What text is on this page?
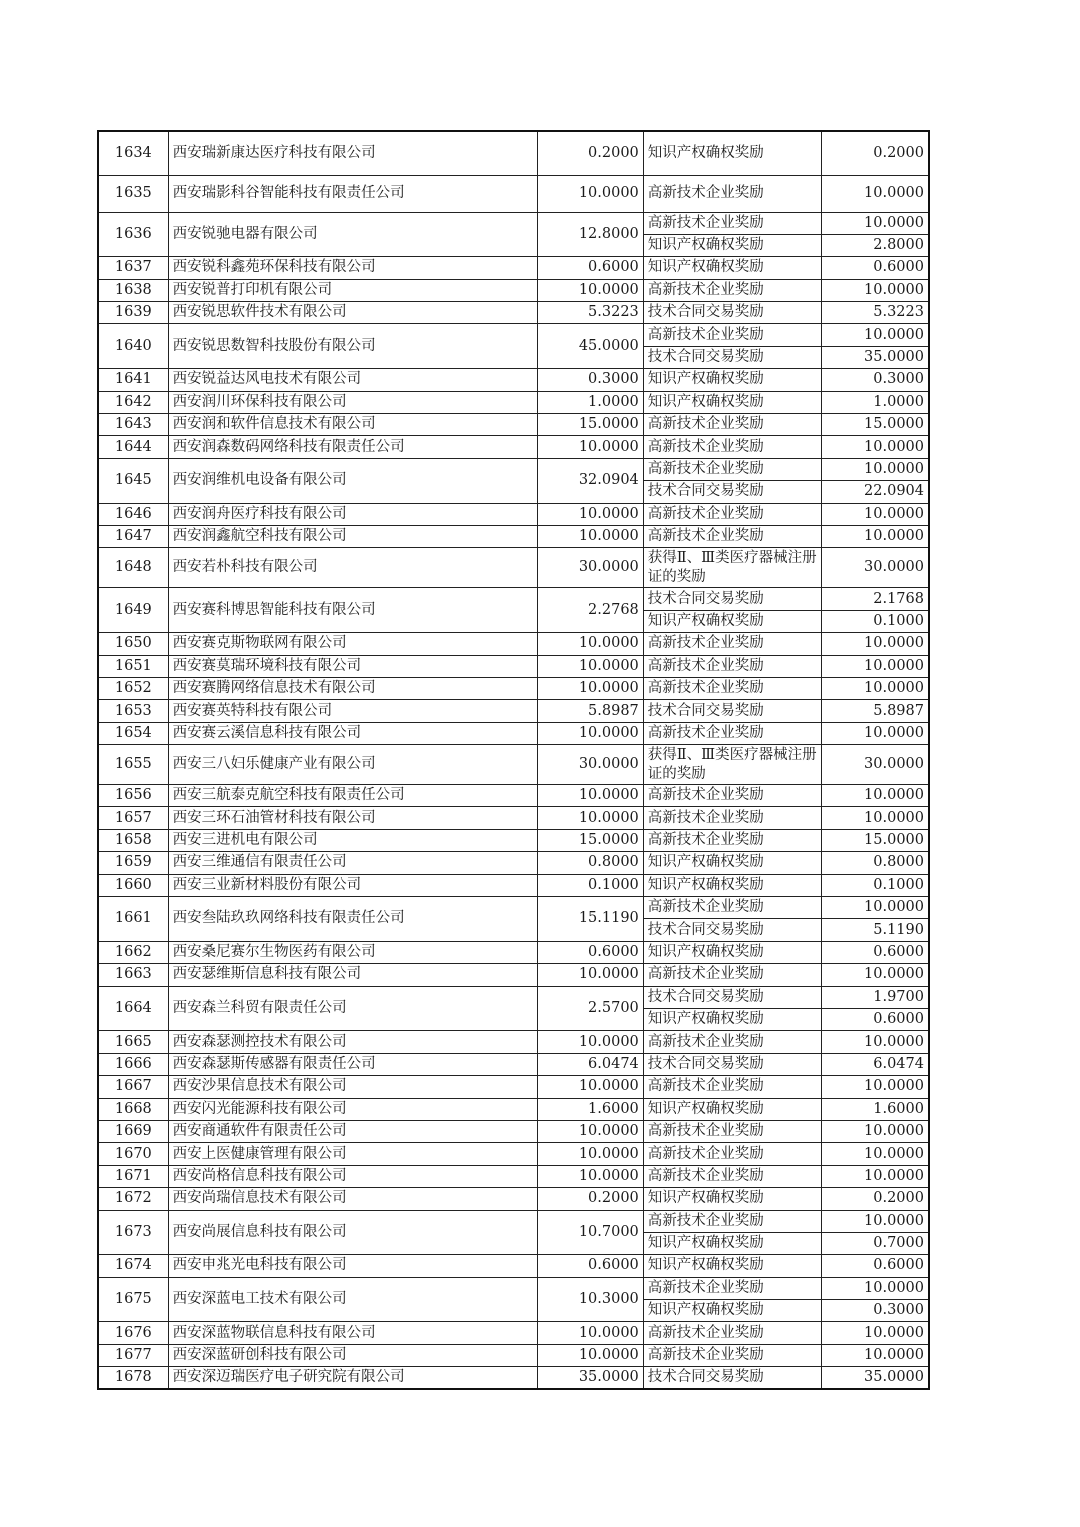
1634	西安瑞新康达医疗科技有限公司	0.2000	知识产权确权奖励	0.2000
1635	西安瑞影科谷智能科技有限责任公司	10.0000	高新技术企业奖励	10.0000
1636	西安锐驰电器有限公司	12.8000	高新技术企业奖励	10.0000
			知识产权确权奖励	2.8000
1637	西安锐科鑫苑环保科技有限公司	0.6000	知识产权确权奖励	0.6000
1638	西安锐普打印机有限公司	10.0000	高新技术企业奖励	10.0000
1639	西安锐思软件技术有限公司	5.3223	技术合同交易奖励	5.3223
1640	西安锐思数智科技股份有限公司	45.0000	高新技术企业奖励	10.0000
			技术合同交易奖励	35.0000
1641	西安锐益达风电技术有限公司	0.3000	知识产权确权奖励	0.3000
1642	西安润川环保科技有限公司	1.0000	知识产权确权奖励	1.0000
1643	西安润和软件信息技术有限公司	15.0000	高新技术企业奖励	15.0000
1644	西安润森数码网络科技有限责任公司	10.0000	高新技术企业奖励	10.0000
1645	西安润维机电设备有限公司	32.0904	高新技术企业奖励	10.0000
			技术合同交易奖励	22.0904
1646	西安润舟医疗科技有限公司	10.0000	高新技术企业奖励	10.0000
1647	西安润鑫航空科技有限公司	10.0000	高新技术企业奖励	10.0000
1648	西安若朴科技有限公司	30.0000	获得Ⅱ、Ⅲ类医疗器械注册证的奖励	30.0000
1649	西安赛科博思智能科技有限公司	2.2768	技术合同交易奖励	2.1768
			知识产权确权奖励	0.1000
1650	西安赛克斯物联网有限公司	10.0000	高新技术企业奖励	10.0000
1651	西安赛莫瑞环境科技有限公司	10.0000	高新技术企业奖励	10.0000
1652	西安赛腾网络信息技术有限公司	10.0000	高新技术企业奖励	10.0000
1653	西安赛英特科技有限公司	5.8987	技术合同交易奖励	5.8987
1654	西安赛云溪信息科技有限公司	10.0000	高新技术企业奖励	10.0000
1655	西安三八妇乐健康产业有限公司	30.0000	获得Ⅱ、Ⅲ类医疗器械注册证的奖励	30.0000
1656	西安三航泰克航空科技有限责任公司	10.0000	高新技术企业奖励	10.0000
1657	西安三环石油管材科技有限公司	10.0000	高新技术企业奖励	10.0000
1658	西安三进机电有限公司	15.0000	高新技术企业奖励	15.0000
1659	西安三维通信有限责任公司	0.8000	知识产权确权奖励	0.8000
1660	西安三业新材料股份有限公司	0.1000	知识产权确权奖励	0.1000
1661	西安叁陆玖玖网络科技有限责任公司	15.1190	高新技术企业奖励	10.0000
			技术合同交易奖励	5.1190
1662	西安桑尼赛尔生物医药有限公司	0.6000	知识产权确权奖励	0.6000
1663	西安瑟维斯信息科技有限公司	10.0000	高新技术企业奖励	10.0000
1664	西安森兰科贸有限责任公司	2.5700	技术合同交易奖励	1.9700
			知识产权确权奖励	0.6000
1665	西安森瑟测控技术有限公司	10.0000	高新技术企业奖励	10.0000
1666	西安森瑟斯传感器有限责任公司	6.0474	技术合同交易奖励	6.0474
1667	西安沙果信息技术有限公司	10.0000	高新技术企业奖励	10.0000
1668	西安闪光能源科技有限公司	1.6000	知识产权确权奖励	1.6000
1669	西安商通软件有限责任公司	10.0000	高新技术企业奖励	10.0000
1670	西安上医健康管理有限公司	10.0000	高新技术企业奖励	10.0000
1671	西安尚格信息科技有限公司	10.0000	高新技术企业奖励	10.0000
1672	西安尚瑞信息技术有限公司	0.2000	知识产权确权奖励	0.2000
1673	西安尚展信息科技有限公司	10.7000	高新技术企业奖励	10.0000
			知识产权确权奖励	0.7000
1674	西安申兆光电科技有限公司	0.6000	知识产权确权奖励	0.6000
1675	西安深蓝电工技术有限公司	10.3000	高新技术企业奖励	10.0000
			知识产权确权奖励	0.3000
1676	西安深蓝物联信息科技有限公司	10.0000	高新技术企业奖励	10.0000
1677	西安深蓝研创科技有限公司	10.0000	高新技术企业奖励	10.0000
1678	西安深迈瑞医疗电子研究院有限公司	35.0000	技术合同交易奖励	35.0000
